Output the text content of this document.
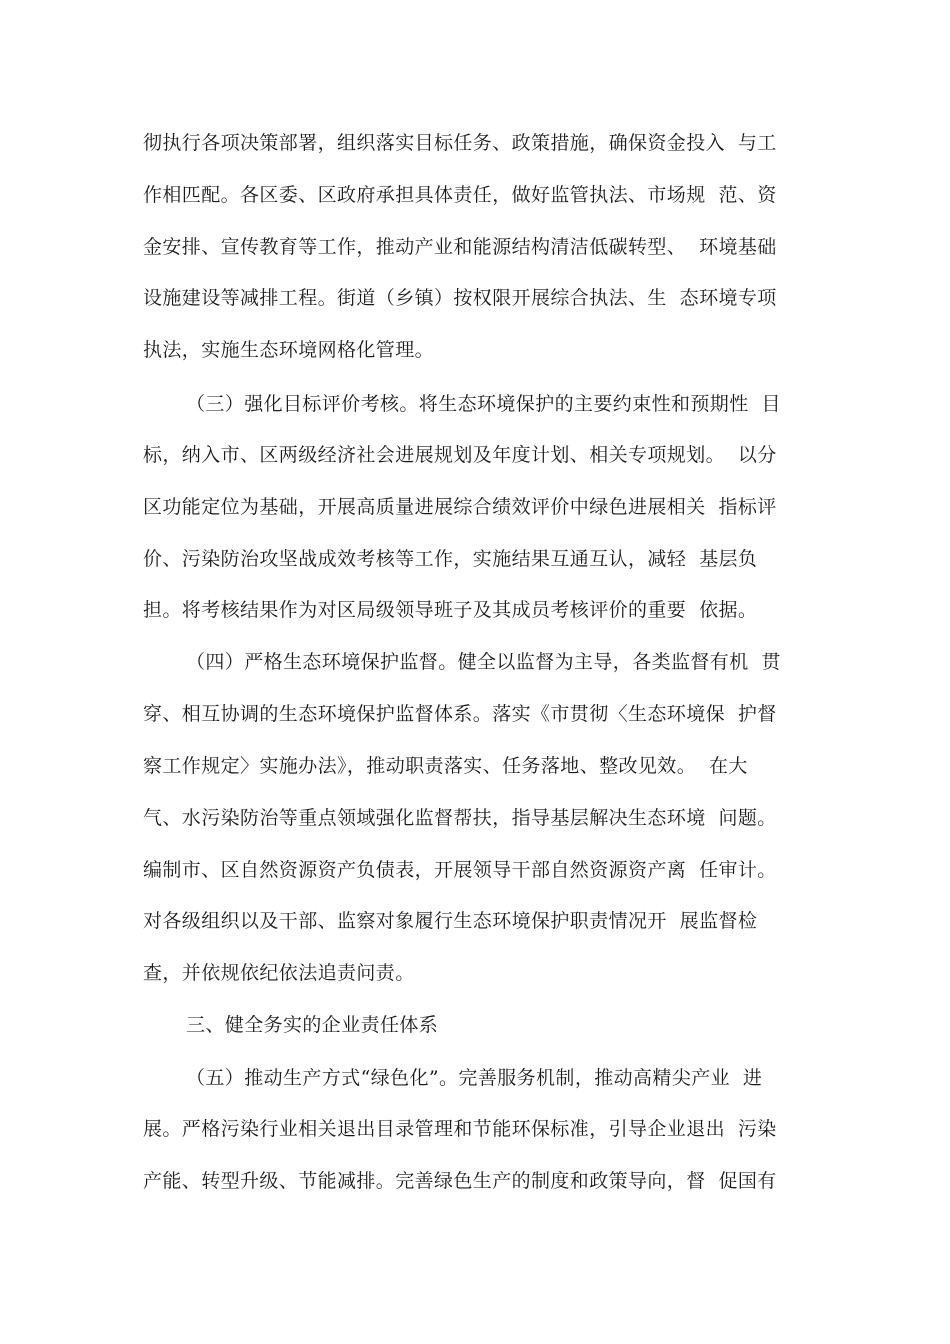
彻执行各项决策部署，组织落实目标任务、政策措施，确保资金投入  与工
作相匹配。各区委、区政府承担具体责任，做好监管执法、市场规  范、资
金安排、宣传教育等工作，推动产业和能源结构清洁低碳转型、  环境基础
设施建设等减排工程。街道（乡镇）按权限开展综合执法、生  态环境专项
执法，实施生态环境网格化管理。
（三）强化目标评价考核。将生态环境保护的主要约束性和预期性  目
标，纳入市、区两级经济社会进展规划及年度计划、相关专项规划。  以分
区功能定位为基础，开展高质量进展综合绩效评价中绿色进展相关  指标评
价、污染防治攻坚战成效考核等工作，实施结果互通互认，减轻  基层负
担。将考核结果作为对区局级领导班子及其成员考核评价的重要  依据。
（四）严格生态环境保护监督。健全以监督为主导，各类监督有机  贯
穿、相互协调的生态环境保护监督体系。落实《市贯彻〈生态环境保  护督
察工作规定〉实施办法》，推动职责落实、任务落地、整改见效。  在大
气、水污染防治等重点领域强化监督帮扶，指导基层解决生态环境  问题。
编制市、区自然资源资产负债表，开展领导干部自然资源资产离  任审计。
对各级组织以及干部、监察对象履行生态环境保护职责情况开  展监督检
查，并依规依纪依法追责问责。
三、健全务实的企业责任体系
（五）推动生产方式“绿色化”。完善服务机制，推动高精尖产业  进
展。严格污染行业相关退出目录管理和节能环保标准，引导企业退出  污染
产能、转型升级、节能减排。完善绿色生产的制度和政策导向，督  促国有
